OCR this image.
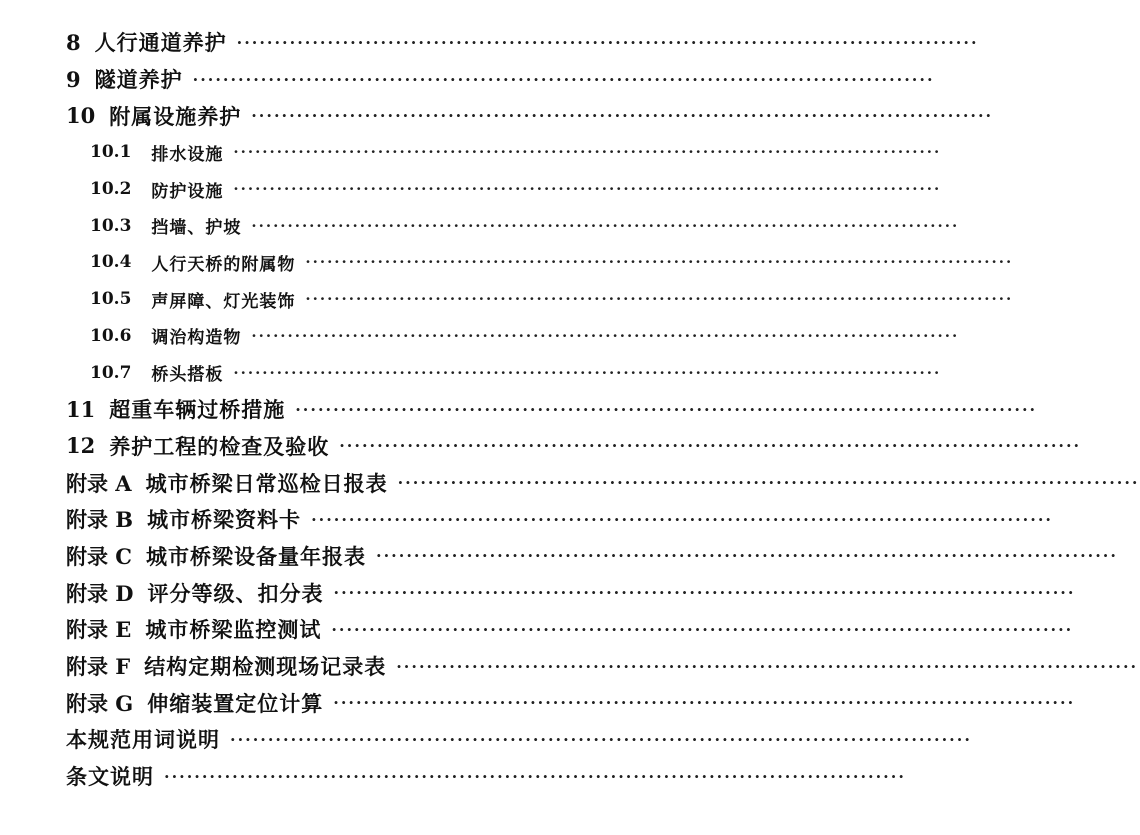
8 人行通道养护 ··································································································
9 隧道养护 ··································································································
10 附属设施养护 ··································································································
10.1 排水设施 ··································································································
10.2 防护设施 ··································································································
10.3 挡墙、护坡 ··································································································
10.4 人行天桥的附属物 ··································································································
10.5 声屏障、灯光装饰 ··································································································
10.6 调治构造物 ··································································································
10.7 桥头搭板 ··································································································
11 超重车辆过桥措施 ··································································································
12 养护工程的检查及验收 ··································································································
附录 A 城市桥梁日常巡检日报表 ··································································································
附录 B 城市桥梁资料卡 ··································································································
附录 C 城市桥梁设备量年报表 ··································································································
附录 D 评分等级、扣分表 ··································································································
附录 E 城市桥梁监控测试 ··································································································
附录 F 结构定期检测现场记录表 ··································································································
附录 G 伸缩装置定位计算 ··································································································
本规范用词说明 ··································································································
条文说明 ··································································································
